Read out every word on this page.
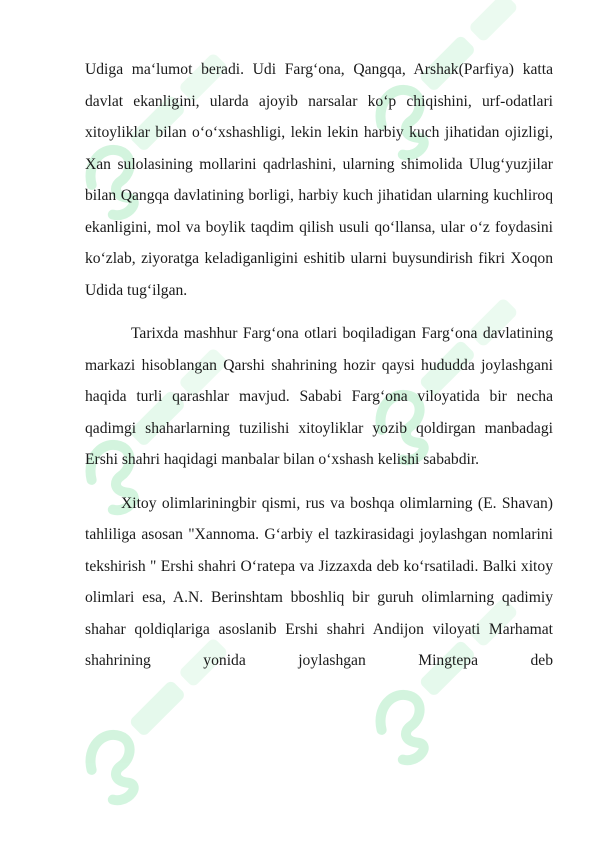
Udiga ma‘lumot beradi. Udi Farg‘ona, Qangqa, Arshak(Parfiya) katta davlat ekanligini, ularda ajoyib narsalar ko‘p chiqishini, urf-odatlari xitoyliklar bilan o‘o‘xshashligi, lekin lekin harbiy kuch jihatidan ojizligi, Xan sulolasining mollarini qadrlashini, ularning shimolida Ulug‘yuzjilar bilan Qangqa davlatining borligi, harbiy kuch jihatidan ularning kuchliroq ekanligini, mol va boylik taqdim qilish usuli qo‘llansa, ular o‘z foydasini ko‘zlab, ziyoratga keladiganligini eshitib ularni buysundirish fikri Xoqon Udida tug‘ilgan.

Tarixda mashhur Farg‘ona otlari boqiladigan Farg‘ona davlatining markazi hisoblangan Qarshi shahrining hozir qaysi hududda joylashgani haqida turli qarashlar mavjud. Sababi Farg‘ona viloyatida bir necha qadimgi shaharlarning tuzilishi xitoyliklar yozib qoldirgan manbadagi Ershi shahri haqidagi manbalar bilan o‘xshash kelishi sababdir.

Xitoy olimlariningbir qismi, rus va boshqa olimlarning (E. Shavan) tahliliga asosan "Xannoma. G‘arbiy el tazkirasidagi joylashgan nomlarini tekshirish " Ershi shahri O‘ratepa va Jizzaxda deb ko‘rsatiladi. Balki xitoy olimlari esa, A.N. Berinshtam bboshliq bir guruh olimlarning qadimiy shahar qoldiqlariga asoslanib Ershi shahri Andijon viloyati Marhamat shahrining yonida joylashgan Mingtepa deb
